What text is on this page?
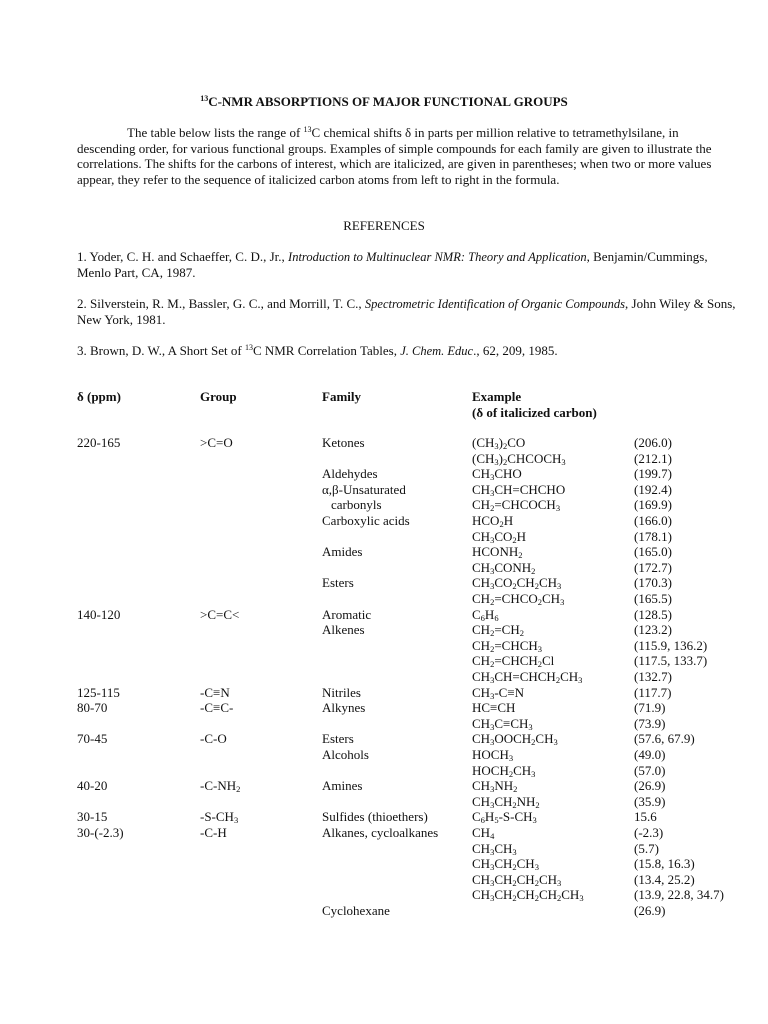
$^{13}$C-NMR ABSORPTIONS OF MAJOR FUNCTIONAL GROUPS
The table below lists the range of $^{13}$C chemical shifts δ in parts per million relative to tetramethylsilane, in descending order, for various functional groups. Examples of simple compounds for each family are given to illustrate the correlations. The shifts for the carbons of interest, which are italicized, are given in parentheses; when two or more values appear, they refer to the sequence of italicized carbon atoms from left to right in the formula.
REFERENCES
1. Yoder, C. H. and Schaeffer, C. D., Jr., Introduction to Multinuclear NMR: Theory and Application, Benjamin/Cummings, Menlo Part, CA, 1987.
2. Silverstein, R. M., Bassler, G. C., and Morrill, T. C., Spectrometric Identification of Organic Compounds, John Wiley & Sons, New York, 1981.
3. Brown, D. W., A Short Set of $^{13}$C NMR Correlation Tables, J. Chem. Educ., 62, 209, 1985.
δ (ppm)	Group	Family	Example
(δ of italicized carbon)
220-165	>C=O	Ketones	$(CH_3)_2CO$	(206.0)
$(CH_3)_2CHCOCH_3$	(212.1)
Aldehydes	$CH_3CHO$	(199.7)
α,β-Unsaturated	$CH_3CH=CHCHO$	(192.4)
carbonyls	$CH_2=CHCOCH_3$	(169.9)
Carboxylic acids	$HCO_2H$	(166.0)
$CH_3CO_2H$	(178.1)
Amides	$HCONH_2$	(165.0)
$CH_3CONH_2$	(172.7)
Esters	$CH_3CO_2CH_2CH_3$	(170.3)
$CH_2=CHCO_2CH_3$	(165.5)
140-120	>C=C<	Aromatic	$C_6H_6$	(128.5)
Alkenes	$CH_2=CH_2$	(123.2)
$CH_2=CHCH_3$	(115.9, 136.2)
$CH_2=CHCH_2Cl$	(117.5, 133.7)
$CH_3CH=CHCH_2CH_3$	(132.7)
125-115	-C≡N	Nitriles	$CH_3-C\equiv N$	(117.7)
80-70	-C≡C-	Alkynes	HC≡CH	(71.9)
$CH_3C\equiv CH_3$	(73.9)
70-45	-C-O	Esters	$CH_3OOCH_2CH_3$	(57.6, 67.9)
Alcohols	$HOCH_3$	(49.0)
$HOCH_2CH_3$	(57.0)
40-20	$-C-NH_2$	Amines	$CH_3NH_2$	(26.9)
$CH_3CH_2NH_2$	(35.9)
30-15	$-S-CH_3$	Sulfides (thioethers)	$C_6H_5-S-CH_3$	15.6
30-(-2.3)	-C-H	Alkanes, cycloalkanes	$CH_4$	(-2.3)
$CH_3CH_3$	(5.7)
$CH_3CH_2CH_3$	(15.8, 16.3)
$CH_3CH_2CH_2CH_3$	(13.4, 25.2)
$CH_3CH_2CH_2CH_2CH_3$	(13.9, 22.8, 34.7)
Cyclohexane	(26.9)
